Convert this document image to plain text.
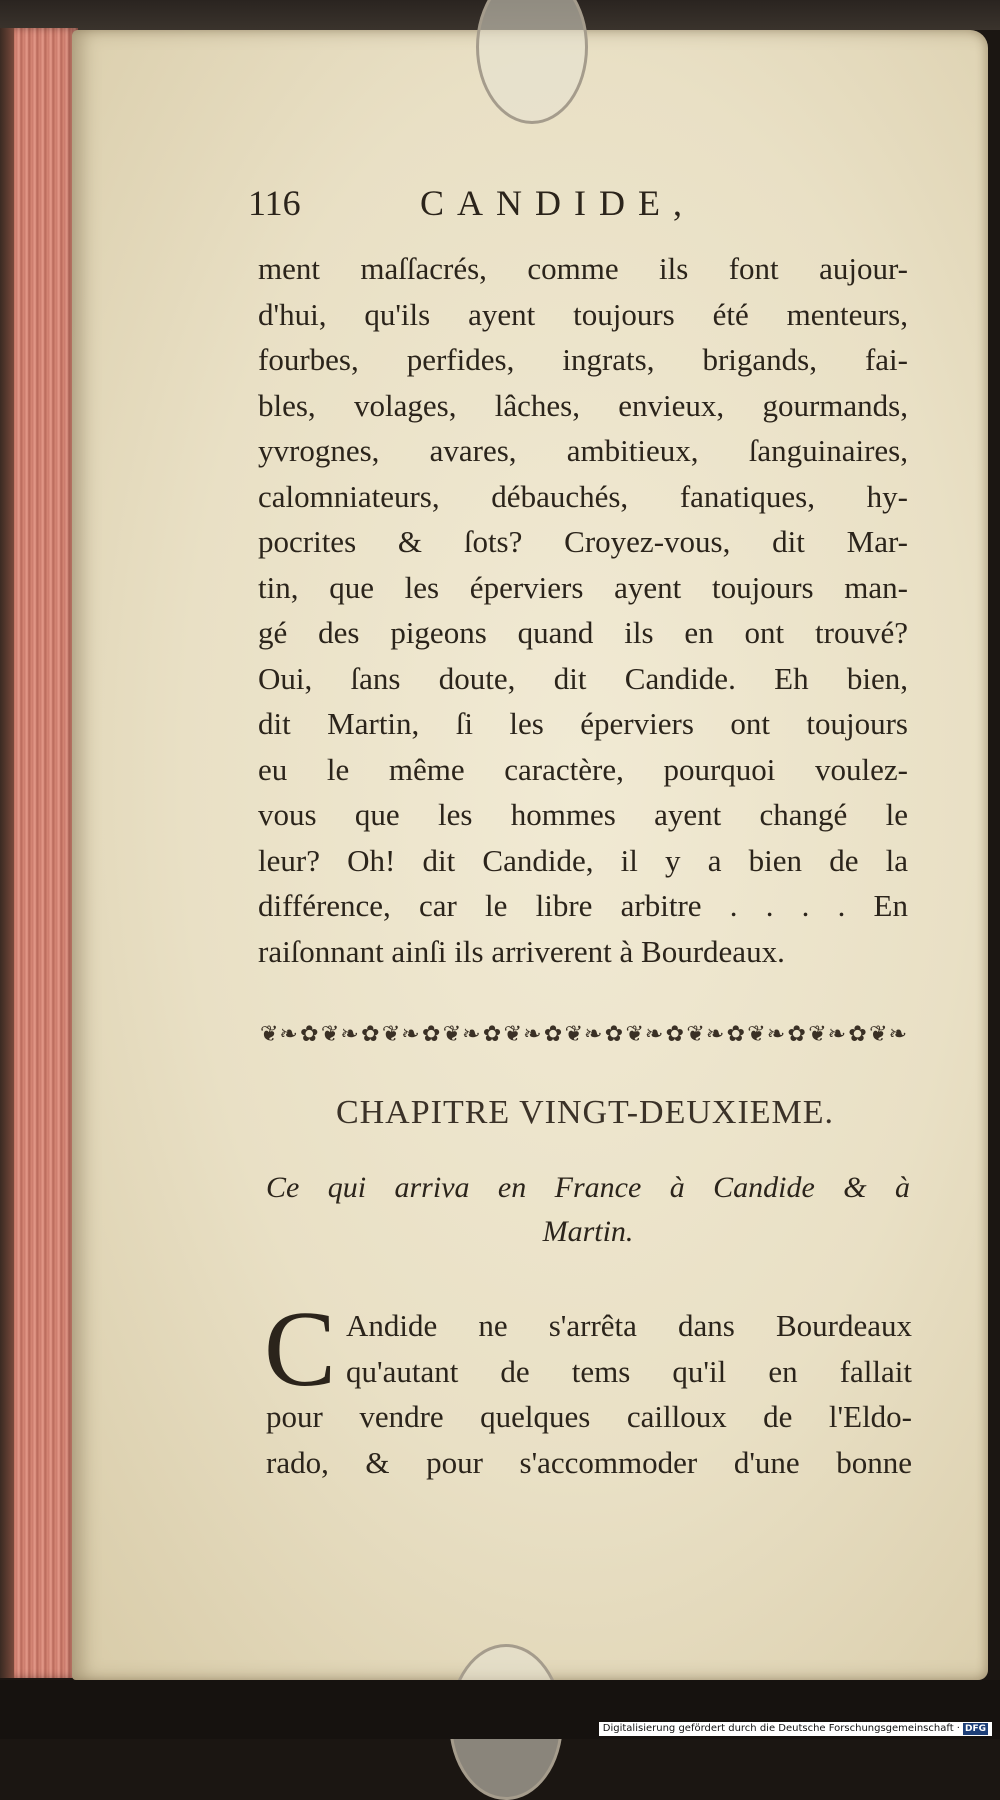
116	CANDIDE,
ment maſſacrés, comme ils font aujour-
d'hui, qu'ils ayent toujours été menteurs,
fourbes, perfides, ingrats, brigands, fai-
bles, volages, lâches, envieux, gourmands,
yvrognes, avares, ambitieux, ſanguinaires,
calomniateurs, débauchés, fanatiques, hy-
pocrites & ſots? Croyez-vous, dit Mar-
tin, que les éperviers ayent toujours man-
gé des pigeons quand ils en ont trouvé?
Oui, ſans doute, dit Candide. Eh bien,
dit Martin, ſi les éperviers ont toujours
eu le même caractère, pourquoi voulez-
vous que les hommes ayent changé le
leur? Oh! dit Candide, il y a bien de la
différence, car le libre arbitre . . . . En
raiſonnant ainſi ils arriverent à Bourdeaux.
❦❧✿❦❧✿❦❧✿❦❧✿❦❧✿❦❧✿❦❧✿❦❧✿❦❧✿❦❧✿❦❧
CHAPITRE VINGT-DEUXIEME.
Ce qui arriva en France à Candide & à
Martin.
C Andide ne s'arrêta dans Bourdeaux
qu'autant de tems qu'il en fallait
pour vendre quelques cailloux de l'Eldo-
rado, & pour s'accommoder d'une bonne
Digitalisierung gefördert durch die Deutsche Forschungsgemeinschaft · DFG
